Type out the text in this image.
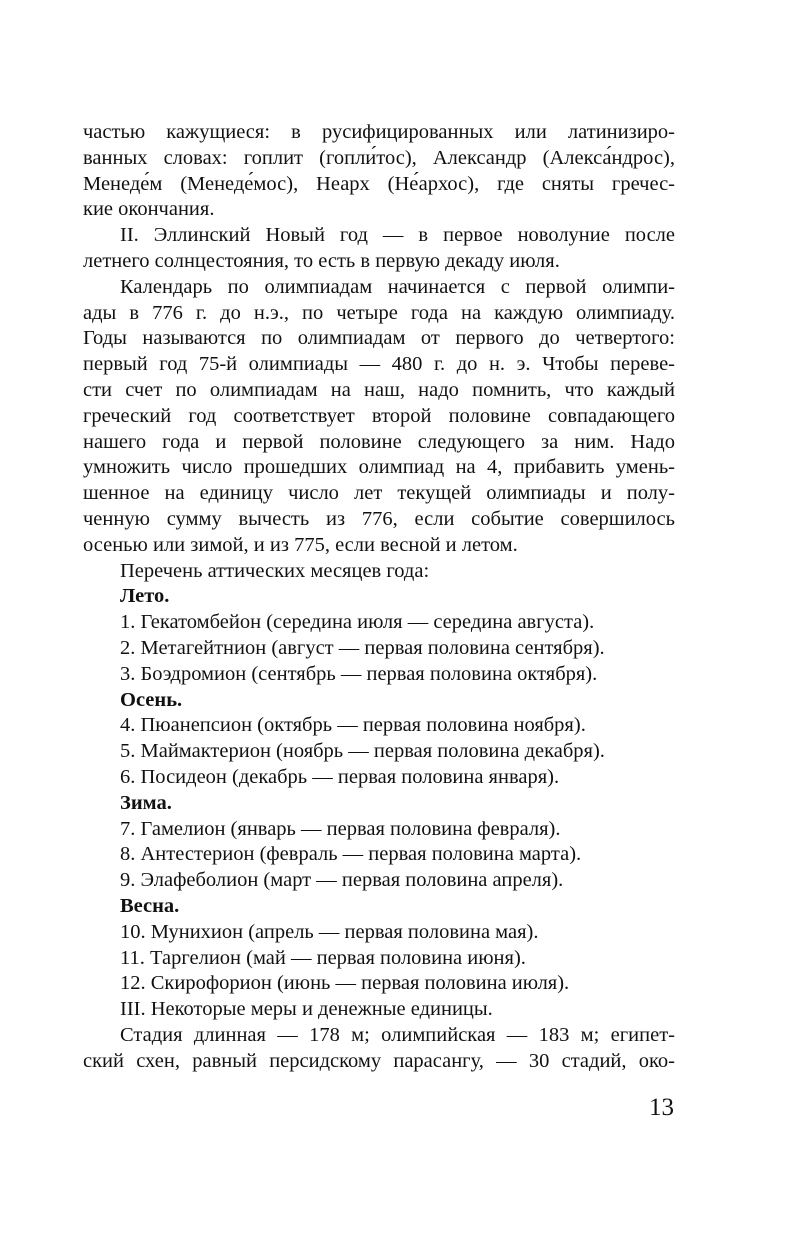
частью кажущиеся: в русифицированных или латинизиро-
ванных словах: гоплит (гопли́тос), Александр (Алекса́ндрос),
Менеде́м (Менеде́мос), Неарх (Не́архос), где сняты гречес-
кие окончания.
II. Эллинский Новый год — в первое новолуние после
летнего солнцестояния, то есть в первую декаду июля.
Календарь по олимпиадам начинается с первой олимпи-
ады в 776 г. до н.э., по четыре года на каждую олимпиаду.
Годы называются по олимпиадам от первого до четвертого:
первый год 75-й олимпиады — 480 г. до н. э. Чтобы переве-
сти счет по олимпиадам на наш, надо помнить, что каждый
греческий год соответствует второй половине совпадающего
нашего года и первой половине следующего за ним. Надо
умножить число прошедших олимпиад на 4, прибавить умень-
шенное на единицу число лет текущей олимпиады и полу-
ченную сумму вычесть из 776, если событие совершилось
осенью или зимой, и из 775, если весной и летом.
Перечень аттических месяцев года:
Лето.
1. Гекатомбейон (середина июля — середина августа).
2. Метагейтнион (август — первая половина сентября).
3. Боэдромион (сентябрь — первая половина октября).
Осень.
4. Пюанепсион (октябрь — первая половина ноября).
5. Маймактерион (ноябрь — первая половина декабря).
6. Посидеон (декабрь — первая половина января).
Зима.
7. Гамелион (январь — первая половина февраля).
8. Антестерион (февраль — первая половина марта).
9. Элафеболион (март — первая половина апреля).
Весна.
10. Мунихион (апрель — первая половина мая).
11. Таргелион (май — первая половина июня).
12. Скирофорион (июнь — первая половина июля).
III. Некоторые меры и денежные единицы.
Стадия длинная — 178 м; олимпийская — 183 м; египет-
ский схен, равный персидскому парасангу, — 30 стадий, око-
13
